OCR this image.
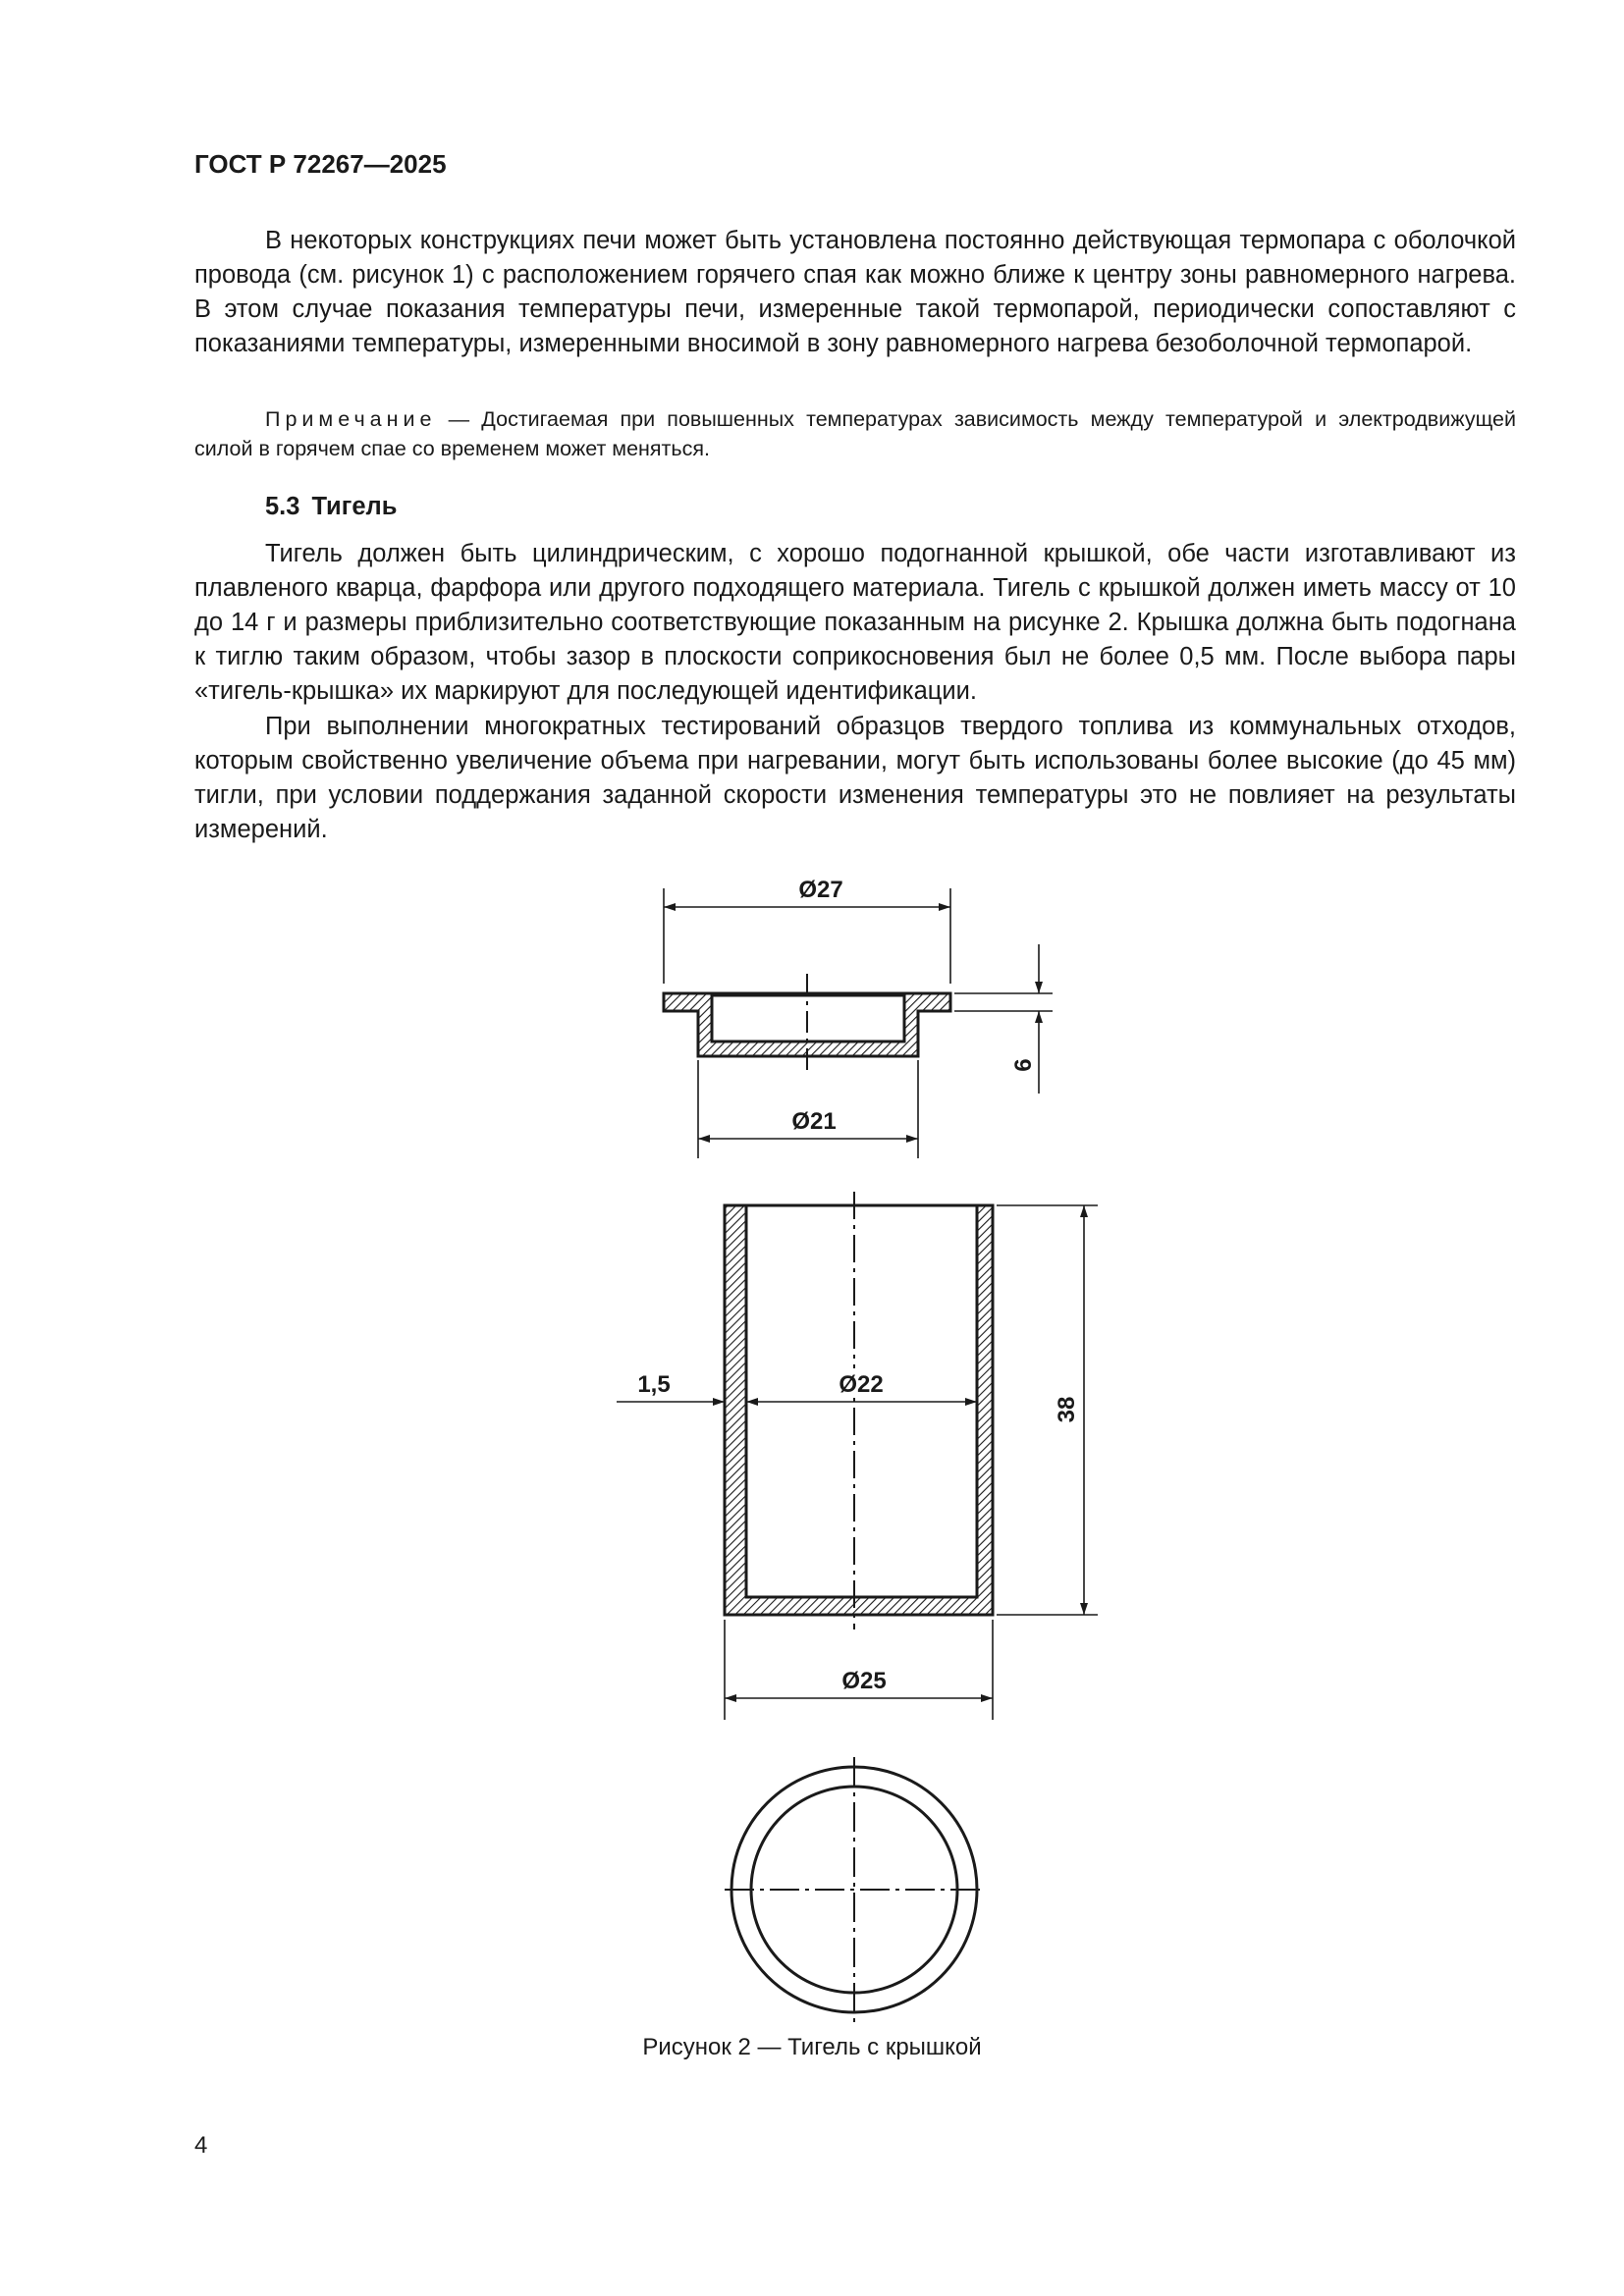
ГОСТ Р 72267—2025

В некоторых конструкциях печи может быть установлена постоянно действующая термопара с оболочкой провода (см. рисунок 1) с расположением горячего спая как можно ближе к центру зоны равномерного нагрева. В этом случае показания температуры печи, измеренные такой термопарой, периодически сопоставляют с показаниями температуры, измеренными вносимой в зону равномерного нагрева безоболочной термопарой.

Примечание — Достигаемая при повышенных температурах зависимость между температурой и электродвижущей силой в горячем спае со временем может меняться.

5.3 Тигель

Тигель должен быть цилиндрическим, с хорошо подогнанной крышкой, обе части изготавливают из плавленого кварца, фарфора или другого подходящего материала. Тигель с крышкой должен иметь массу от 10 до 14 г и размеры приблизительно соответствующие показанным на рисунке 2. Крышка должна быть подогнана к тиглю таким образом, чтобы зазор в плоскости соприкосновения был не более 0,5 мм. После выбора пары «тигель-крышка» их маркируют для последующей идентификации.

При выполнении многократных тестирований образцов твердого топлива из коммунальных отходов, которым свойственно увеличение объема при нагревании, могут быть использованы более высокие (до 45 мм) тигли, при условии поддержания заданной скорости изменения температуры это не повлияет на результаты измерений.

Ø27
Ø21
6
Ø22
1,5
38
Ø25
Рисунок 2 — Тигель с крышкой
4
